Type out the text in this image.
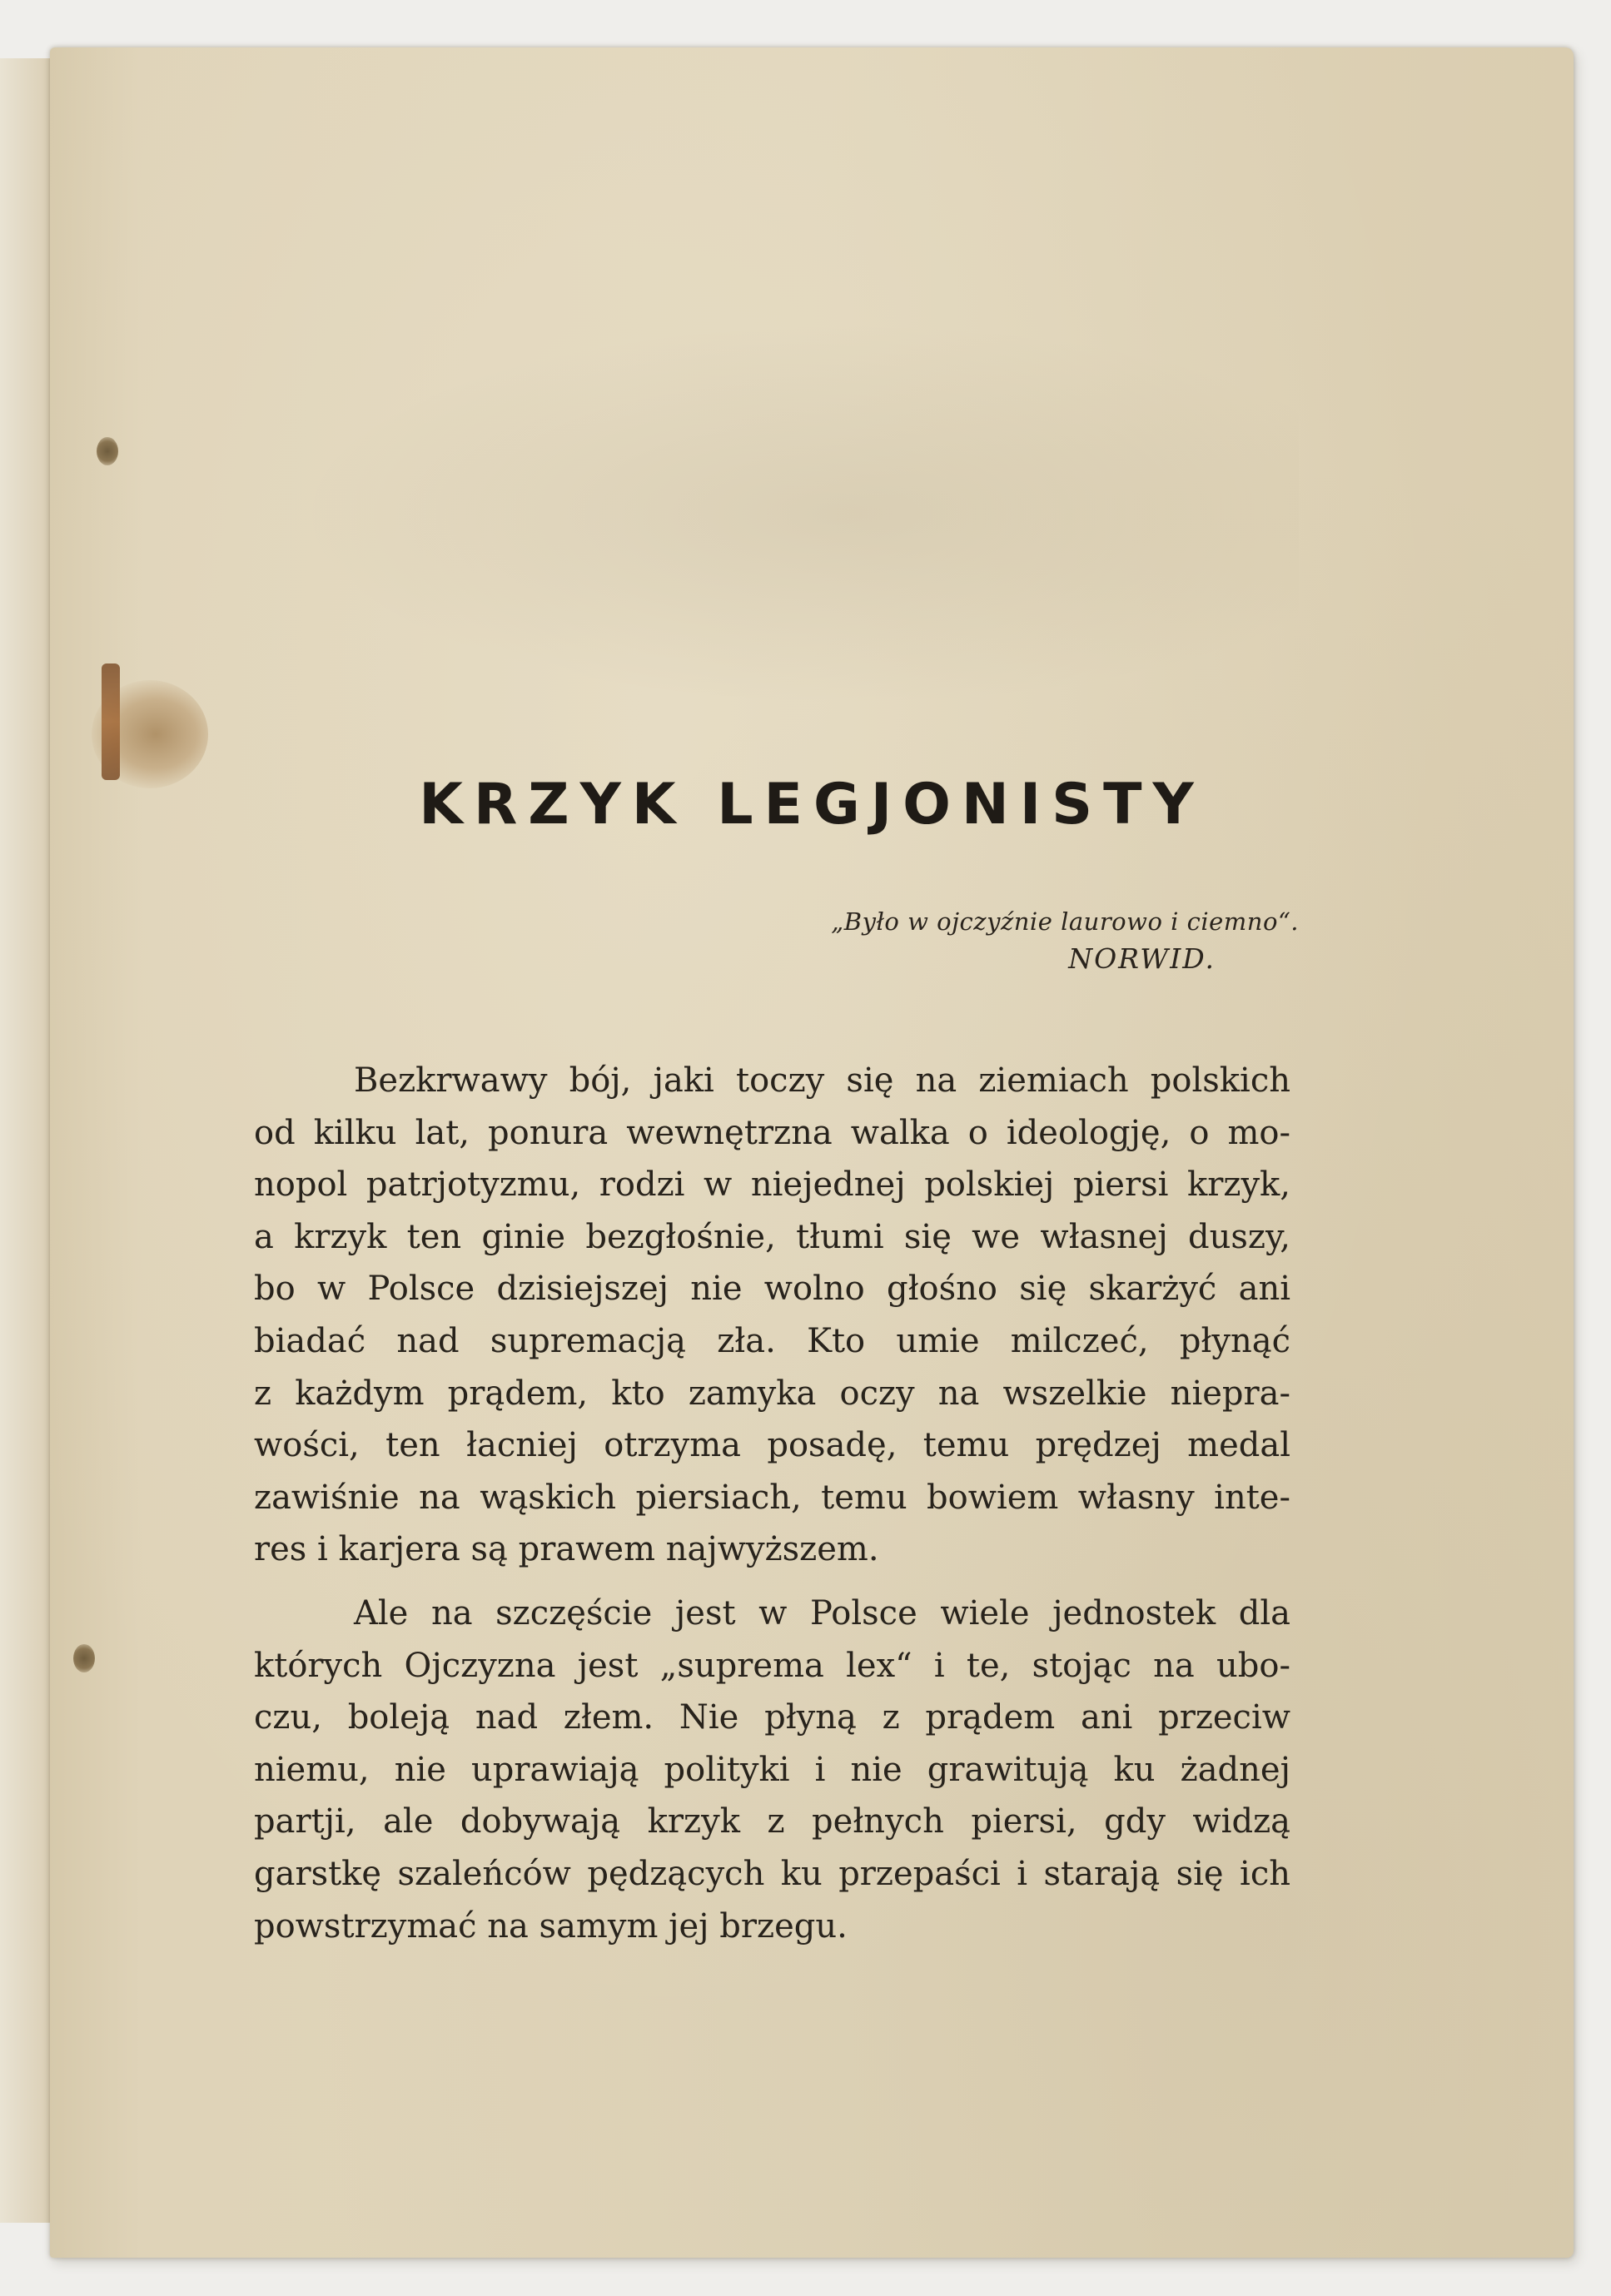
KRZYK LEGJONISTY
„Było w ojczyźnie laurowo i ciemno“.
NORWID.

Bezkrwawy bój, jaki toczy się na ziemiach polskich
od kilku lat, ponura wewnętrzna walka o ideologję, o mo-
nopol patrjotyzmu, rodzi w niejednej polskiej piersi krzyk,
a krzyk ten ginie bezgłośnie, tłumi się we własnej duszy,
bo w Polsce dzisiejszej nie wolno głośno się skarżyć ani
biadać nad supremacją zła. Kto umie milczeć, płynąć
z każdym prądem, kto zamyka oczy na wszelkie niepra-
wości, ten łacniej otrzyma posadę, temu prędzej medal
zawiśnie na wąskich piersiach, temu bowiem własny inte-
res i karjera są prawem najwyższem.

Ale na szczęście jest w Polsce wiele jednostek dla
których Ojczyzna jest „suprema lex“ i te, stojąc na ubo-
czu, boleją nad złem. Nie płyną z prądem ani przeciw
niemu, nie uprawiają polityki i nie grawitują ku żadnej
partji, ale dobywają krzyk z pełnych piersi, gdy widzą
garstkę szaleńców pędzących ku przepaści i starają się ich
powstrzymać na samym jej brzegu.
